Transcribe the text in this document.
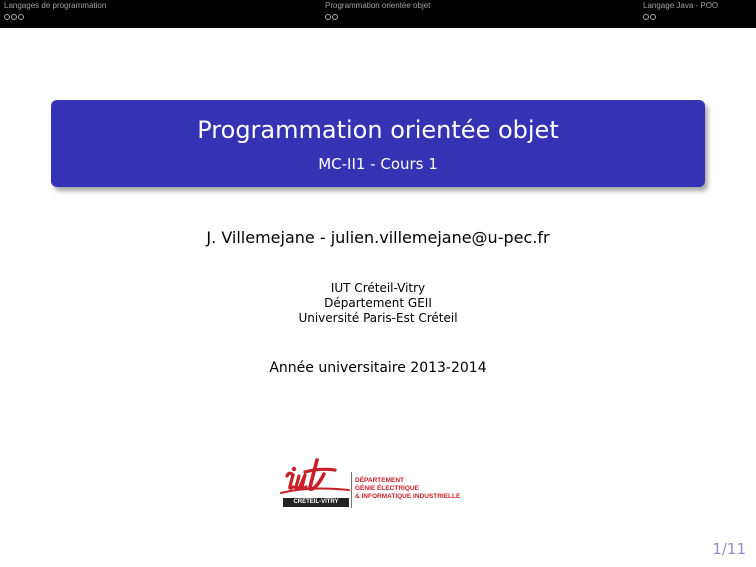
Langages de programmation	Programmation orientée objet	Langage Java - POO
Programmation orientée objet
MC-II1 - Cours 1
J. Villemejane - julien.villemejane@u-pec.fr
IUT Créteil-Vitry
Département GEII
Université Paris-Est Créteil
Année universitaire 2013-2014
CRÉTEIL-VITRY
DÉPARTEMENT
GÉNIE ÉLECTRIQUE
& INFORMATIQUE INDUSTRIELLE
1/11
